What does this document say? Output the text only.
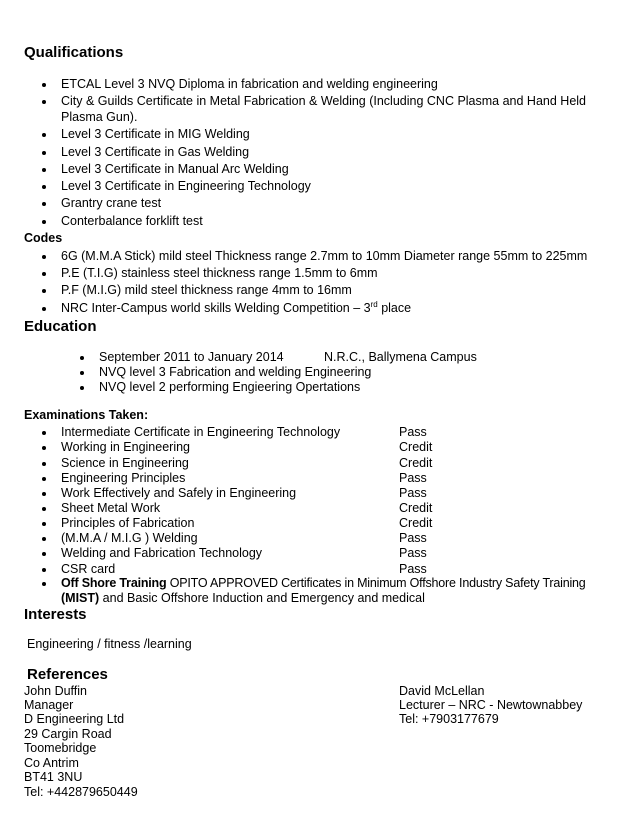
Qualifications
ETCAL Level 3 NVQ Diploma in fabrication and welding engineering
City & Guilds Certificate in Metal Fabrication & Welding (Including CNC Plasma and Hand Held
Plasma Gun).
Level 3 Certificate in MIG Welding
Level 3 Certificate in Gas Welding
Level 3 Certificate in Manual Arc Welding
Level 3 Certificate in Engineering Technology
Grantry crane test
Conterbalance forklift test
Codes
6G (M.M.A Stick) mild steel Thickness range 2.7mm to 10mm Diameter range 55mm to 225mm
P.E (T.I.G) stainless steel thickness range 1.5mm to 6mm
P.F (M.I.G) mild steel thickness range 4mm to 16mm
NRC Inter-Campus world skills Welding Competition – 3rd place
Education
September 2011 to January 2014	N.R.C., Ballymena Campus
NVQ level 3 Fabrication and welding Engineering
NVQ level 2 performing Engieering Opertations
Examinations Taken:
Intermediate Certificate in Engineering Technology	Pass
Working in Engineering	Credit
Science in Engineering	Credit
Engineering Principles	Pass
Work Effectively and Safely in Engineering	Pass
Sheet Metal Work	Credit
Principles of Fabrication	Credit
(M.M.A / M.I.G ) Welding	Pass
Welding and Fabrication Technology	Pass
CSR card	Pass
Off Shore Training OPITO APPROVED Certificates in Minimum Offshore Industry Safety Training
(MIST) and Basic Offshore Induction and Emergency and medical
Interests
Engineering / fitness /learning
References
John Duffin
Manager
D Engineering Ltd
29 Cargin Road
Toomebridge
Co Antrim
BT41 3NU
Tel: +442879650449
David McLellan
Lecturer – NRC - Newtownabbey
Tel: +7903177679
